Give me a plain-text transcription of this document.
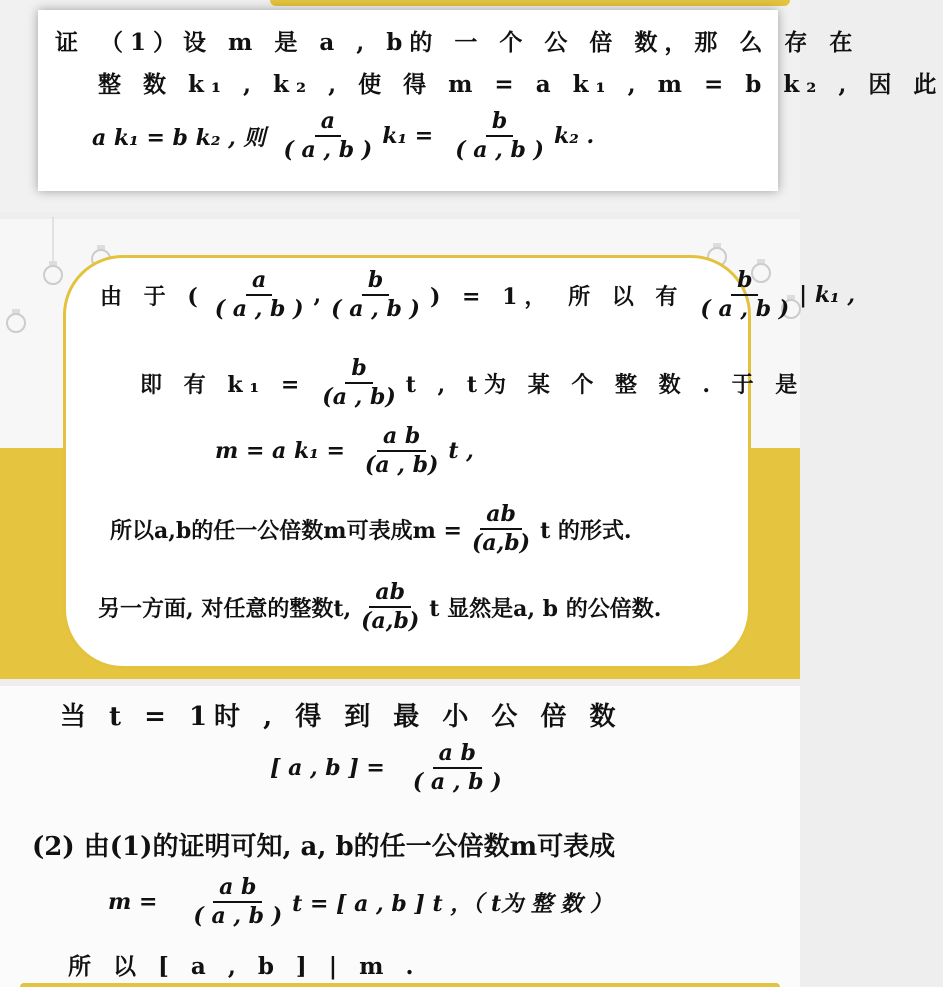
证 （1）设 m 是 a , b的 一 个 公 倍 数，那 么 存 在
整 数 k₁ , k₂ , 使 得 m = a k₁ , m = b k₂ , 因 此
a k₁ = b k₂ , 则 $\frac{a}{( a , b )} k_1 = \frac{b}{( a , b )} k_2$ .
由 于 ( $\frac{a}{( a , b )}$ , $\frac{b}{( a , b )}$ ) = 1， 所 以 有 $\frac{b}{( a , b )}$ | k₁ ,
即 有 $k_1 = \frac{b}{(a , b)}$ t , t为 某 个 整 数 . 于 是
m = a $k_1 = \frac{\text{a b}}{(a , b)}$ t ,
所以a,b的任一公倍数m可表成$m = \frac{ab}{(a,b)}$ t 的形式.
另一方面, 对任意的整数t, $\frac{ab}{(a,b)}$ t 显然是a, b 的公倍数.
当 t = 1时 , 得 到 最 小 公 倍 数
[ a , b ] = $\frac{\text{a b}}{( a , b )}$
(2) 由(1)的证明可知, a, b的任一公倍数m可表成
$m = \frac{\text{a b}}{( a , b )}$ t = [ a , b ] t ，（ t为 整 数 ）
所 以 [ a , b ] | m .
